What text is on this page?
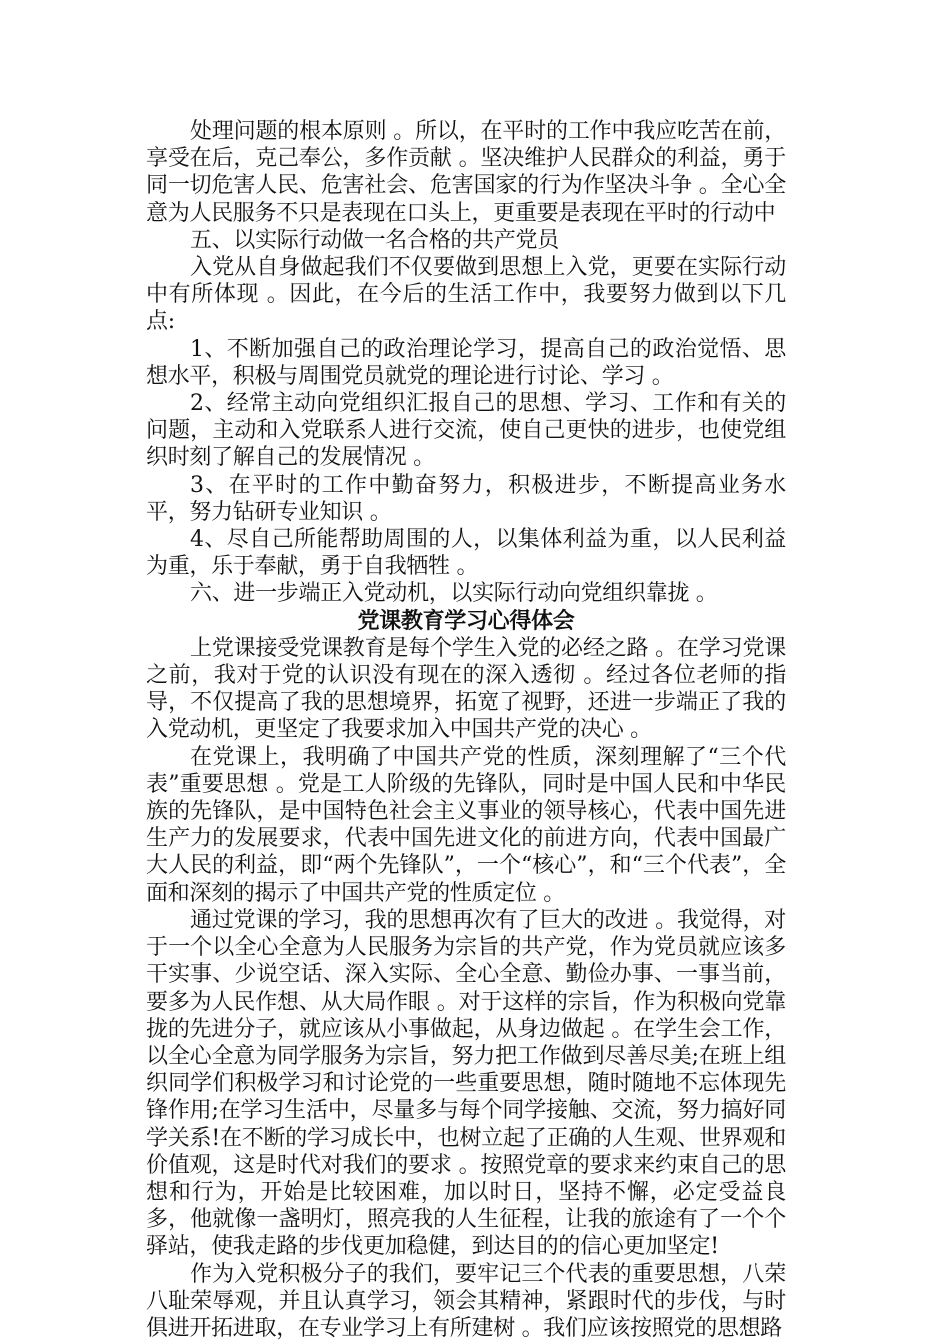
处理问题的根本原则 。所以，在平时的工作中我应吃苦在前，享受在后，克己奉公，多作贡献 。坚决维护人民群众的利益，勇于同一切危害人民、危害社会、危害国家的行为作坚决斗争 。全心全意为人民服务不只是表现在口头上，更重要是表现在平时的行动中

五、以实际行动做一名合格的共产党员

入党从自身做起我们不仅要做到思想上入党，更要在实际行动中有所体现 。因此，在今后的生活工作中，我要努力做到以下几点:

1、不断加强自己的政治理论学习，提高自己的政治觉悟、思想水平，积极与周围党员就党的理论进行讨论、学习 。

2、经常主动向党组织汇报自己的思想、学习、工作和有关的问题，主动和入党联系人进行交流，使自己更快的进步，也使党组织时刻了解自己的发展情况 。

3、在平时的工作中勤奋努力，积极进步，不断提高业务水平，努力钻研专业知识 。

4、尽自己所能帮助周围的人，以集体利益为重，以人民利益为重，乐于奉献，勇于自我牺牲 。

六、进一步端正入党动机，以实际行动向党组织靠拢 。

党课教育学习心得体会

上党课接受党课教育是每个学生入党的必经之路 。在学习党课之前，我对于党的认识没有现在的深入透彻 。经过各位老师的指导，不仅提高了我的思想境界，拓宽了视野，还进一步端正了我的入党动机，更坚定了我要求加入中国共产党的决心 。

在党课上，我明确了中国共产党的性质，深刻理解了“三个代表”重要思想 。党是工人阶级的先锋队，同时是中国人民和中华民族的先锋队，是中国特色社会主义事业的领导核心，代表中国先进生产力的发展要求，代表中国先进文化的前进方向，代表中国最广大人民的利益，即“两个先锋队”，一个“核心”，和“三个代表”，全面和深刻的揭示了中国共产党的性质定位 。

通过党课的学习，我的思想再次有了巨大的改进 。我觉得，对于一个以全心全意为人民服务为宗旨的共产党，作为党员就应该多干实事、少说空话、深入实际、全心全意、勤俭办事、一事当前，要多为人民作想、从大局作眼 。对于这样的宗旨，作为积极向党靠拢的先进分子，就应该从小事做起，从身边做起 。在学生会工作，以全心全意为同学服务为宗旨，努力把工作做到尽善尽美;在班上组织同学们积极学习和讨论党的一些重要思想，随时随地不忘体现先锋作用;在学习生活中，尽量多与每个同学接触、交流，努力搞好同学关系!在不断的学习成长中，也树立起了正确的人生观、世界观和价值观，这是时代对我们的要求 。按照党章的要求来约束自己的思想和行为，开始是比较困难，加以时日，坚持不懈，必定受益良多，他就像一盏明灯，照亮我的人生征程，让我的旅途有了一个个驿站，使我走路的步伐更加稳健，到达目的的信心更加坚定!

作为入党积极分子的我们，要牢记三个代表的重要思想，八荣八耻荣辱观，并且认真学习，领会其精神，紧跟时代的步伐，与时俱进开拓进取，在专业学习上有所建树 。我们应该按照党的思想路
